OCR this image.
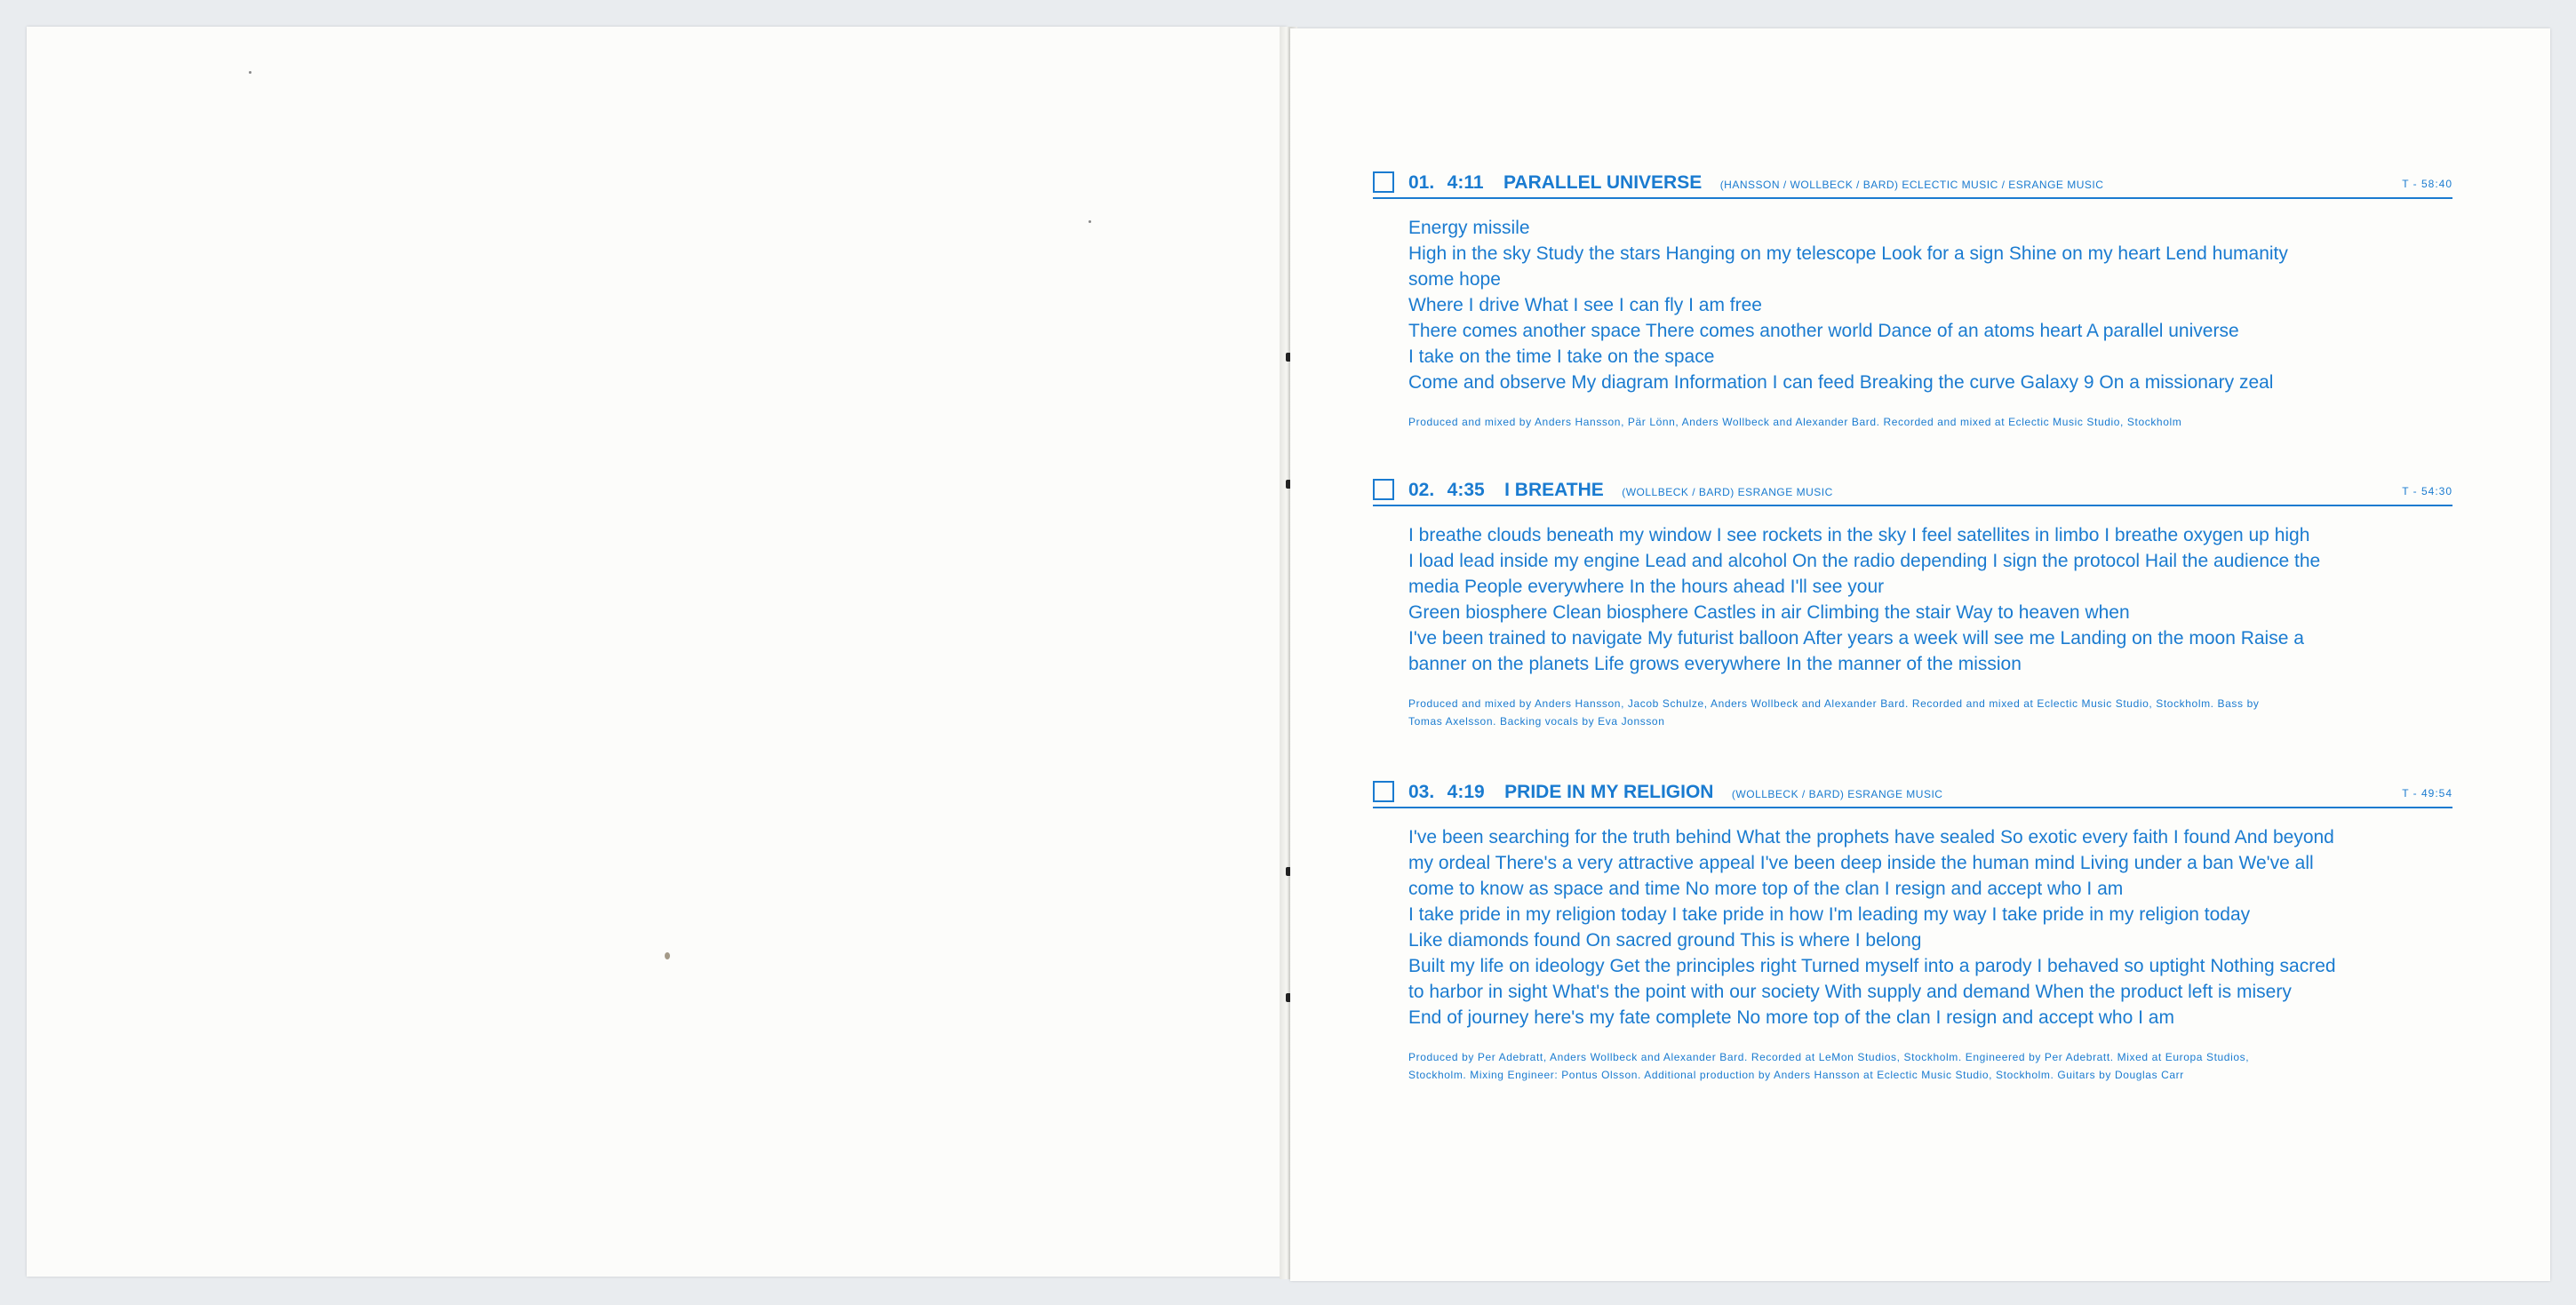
01. 4:11 PARALLEL UNIVERSE (HANSSON / WOLLBECK / BARD) ECLECTIC MUSIC / ESRANGE MUSIC	T - 58:40
Energy missile
High in the sky Study the stars Hanging on my telescope Look for a sign Shine on my heart Lend humanity
some hope
Where I drive What I see I can fly I am free
There comes another space There comes another world Dance of an atoms heart A parallel universe
I take on the time I take on the space
Come and observe My diagram Information I can feed Breaking the curve Galaxy 9 On a missionary zeal
Produced and mixed by Anders Hansson, Pär Lönn, Anders Wollbeck and Alexander Bard. Recorded and mixed at Eclectic Music Studio, Stockholm
02. 4:35 I BREATHE (WOLLBECK / BARD) ESRANGE MUSIC	T - 54:30
I breathe clouds beneath my window I see rockets in the sky I feel satellites in limbo I breathe oxygen up high
I load lead inside my engine Lead and alcohol On the radio depending I sign the protocol Hail the audience the
media People everywhere In the hours ahead I'll see your
Green biosphere Clean biosphere Castles in air Climbing the stair Way to heaven when
I've been trained to navigate My futurist balloon After years a week will see me Landing on the moon Raise a
banner on the planets Life grows everywhere In the manner of the mission
Produced and mixed by Anders Hansson, Jacob Schulze, Anders Wollbeck and Alexander Bard. Recorded and mixed at Eclectic Music Studio, Stockholm. Bass by
Tomas Axelsson. Backing vocals by Eva Jonsson
03. 4:19 PRIDE IN MY RELIGION (WOLLBECK / BARD) ESRANGE MUSIC	T - 49:54
I've been searching for the truth behind What the prophets have sealed So exotic every faith I found And beyond
my ordeal There's a very attractive appeal I've been deep inside the human mind Living under a ban We've all
come to know as space and time No more top of the clan I resign and accept who I am
I take pride in my religion today I take pride in how I'm leading my way I take pride in my religion today
Like diamonds found On sacred ground This is where I belong
Built my life on ideology Get the principles right Turned myself into a parody I behaved so uptight Nothing sacred
to harbor in sight What's the point with our society With supply and demand When the product left is misery
End of journey here's my fate complete No more top of the clan I resign and accept who I am
Produced by Per Adebratt, Anders Wollbeck and Alexander Bard. Recorded at LeMon Studios, Stockholm. Engineered by Per Adebratt. Mixed at Europa Studios,
Stockholm. Mixing Engineer: Pontus Olsson. Additional production by Anders Hansson at Eclectic Music Studio, Stockholm. Guitars by Douglas Carr
